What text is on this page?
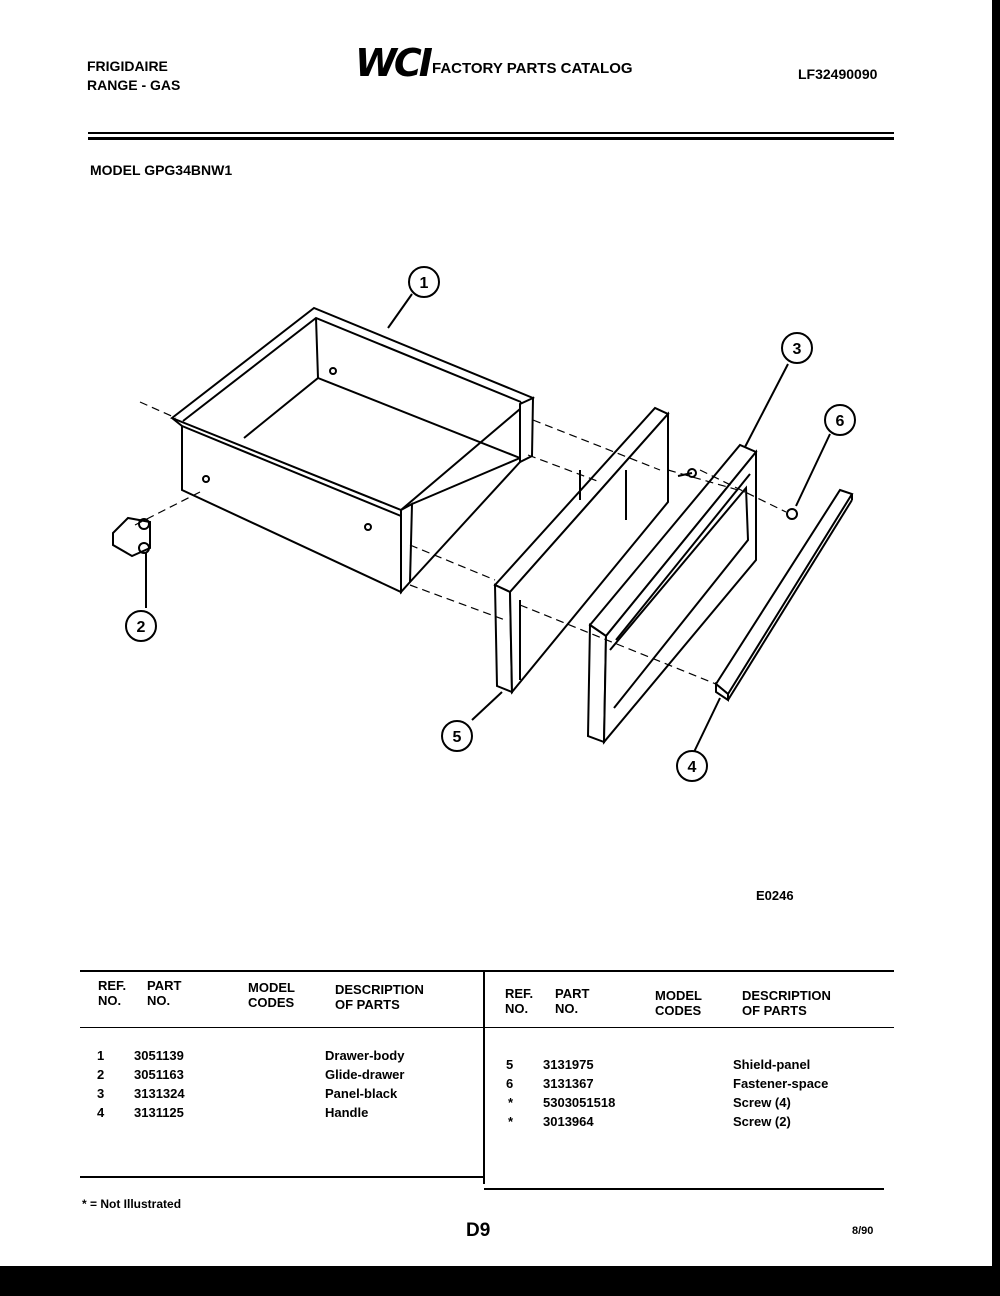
FRIGIDAIRE
RANGE - GAS	WCI FACTORY PARTS CATALOG	LF32490090
MODEL GPG34BNW1
1
2
3
4
5
6
E0246
REF.
NO.
PART
NO.
MODEL
CODES
DESCRIPTION
OF PARTS
REF.
NO.
PART
NO.
MODEL
CODES
DESCRIPTION
OF PARTS
1 3051139	Drawer-body
2 3051163	Glide-drawer
3 3131324	Panel-black
4 3131125	Handle
5 3131975	Shield-panel
6 3131367	Fastener-space
* 5303051518	Screw (4)
* 3013964	Screw (2)
* = Not Illustrated
D9	8/90
